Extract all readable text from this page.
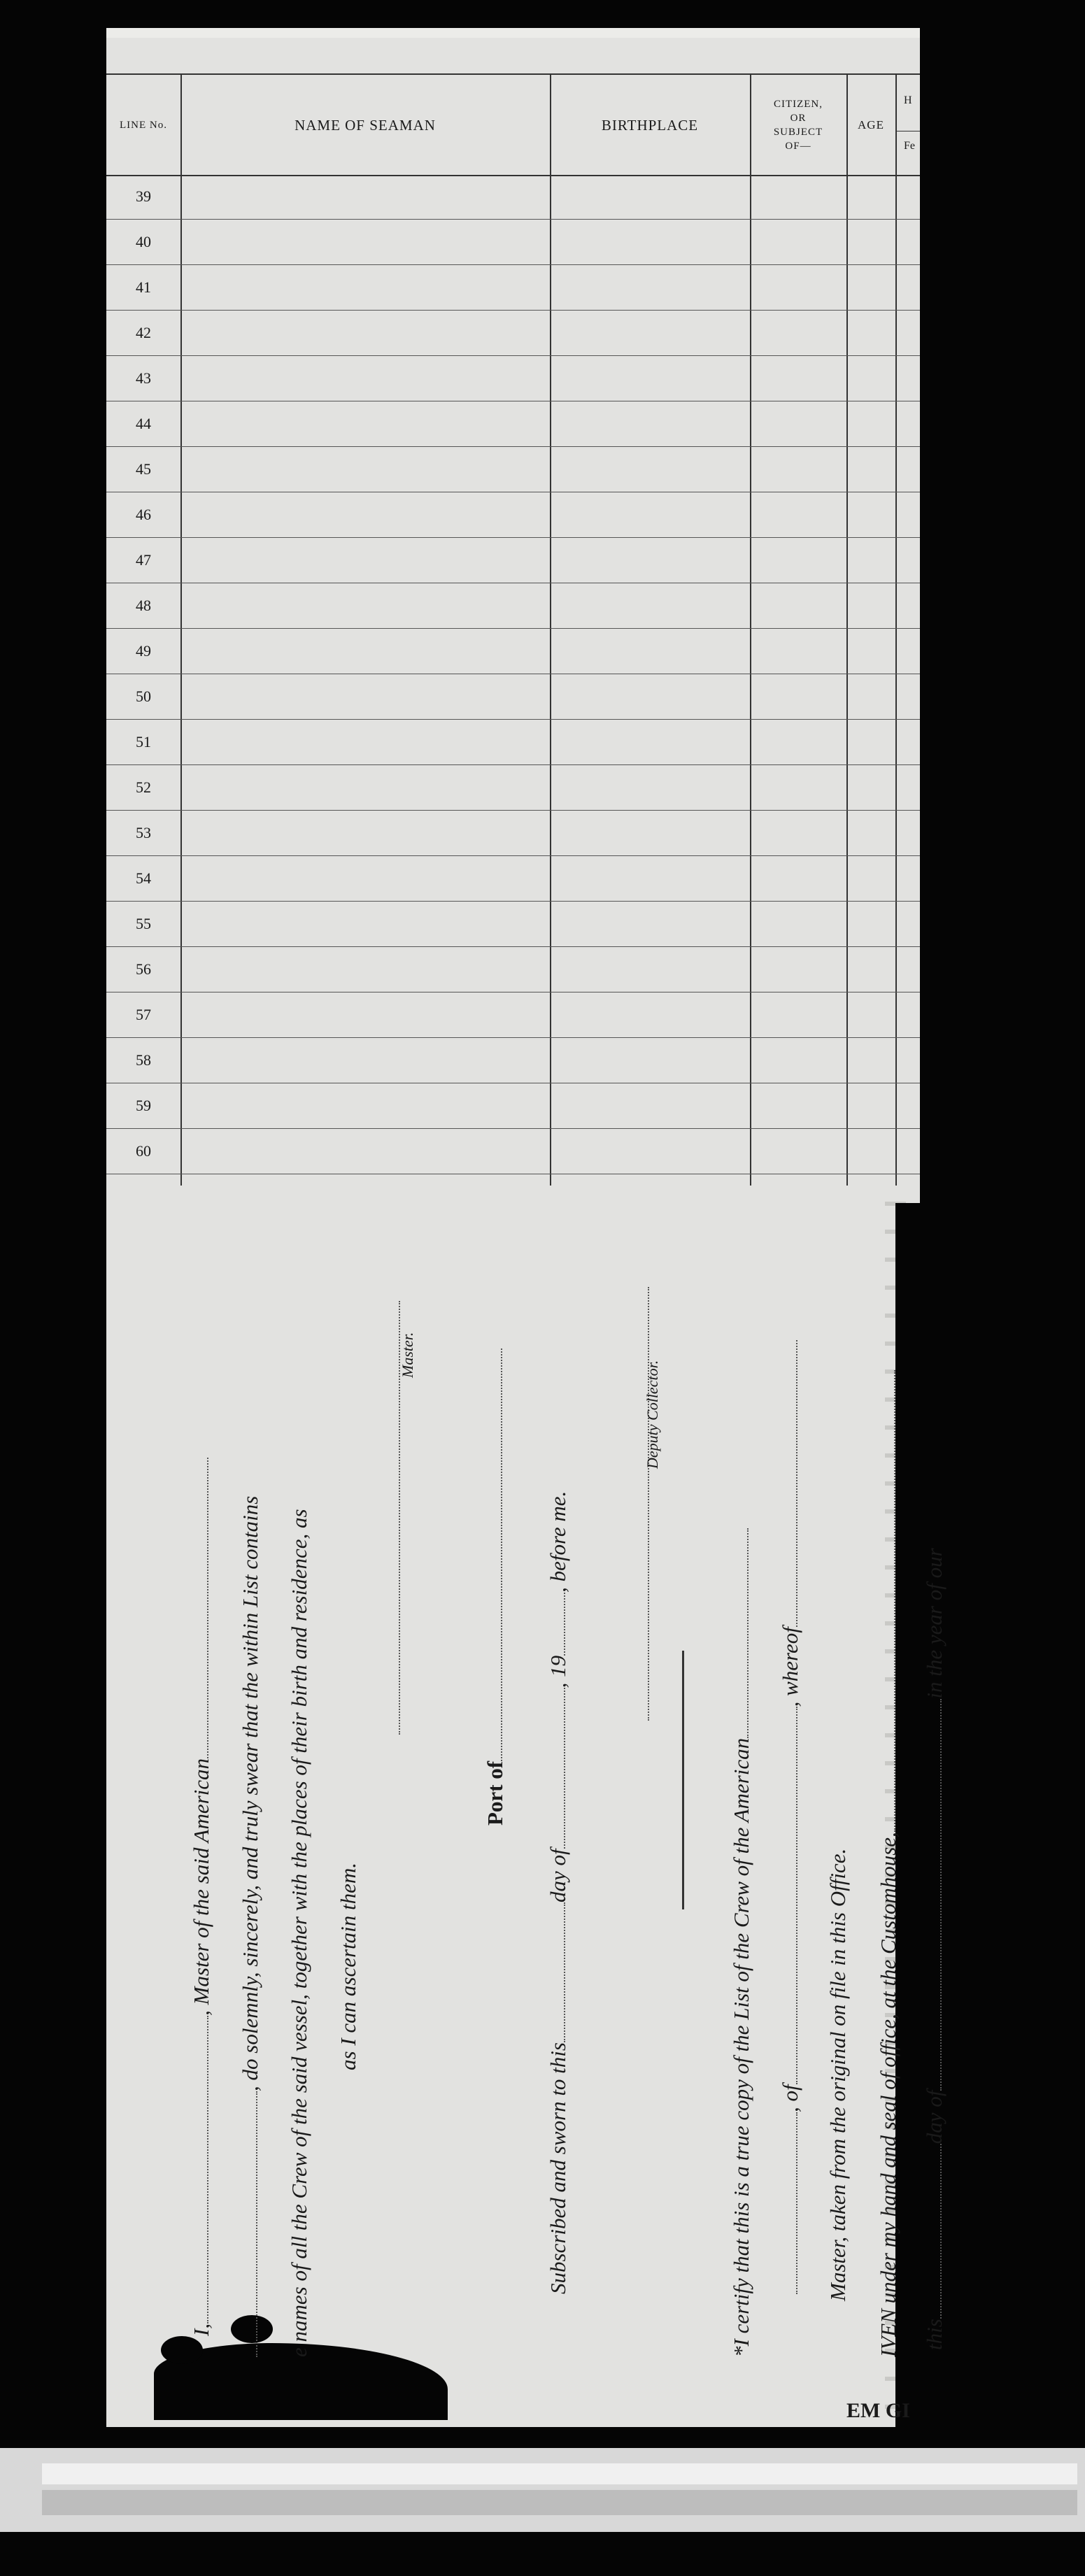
LINE No.	NAME OF SEAMAN	BIRTHPLACE
CITIZEN,
OR
SUBJECT
OF—
AGE
H
Fe
39
40
41
42
43
44
45
46
47
48
49
50
51
52
53
54
55
56
57
58
59
60
I,, Master of the said American , do solemnly, sincerely, and truly swear that the within List contains e names of all the Crew of the said vessel, together with the places of their birth and residence, as as I can ascertain them.
Master.
Port of
Subscribed and sworn to thisday of, 19, before me.
Deputy Collector.
*I certify that this is a true copy of the List of the Crew of the American , of, whereof
Master, taken from the original on file in this Office. IVEN under my hand and seal of office, at the Customhouse, thisday ofin the year of our
EM GI
